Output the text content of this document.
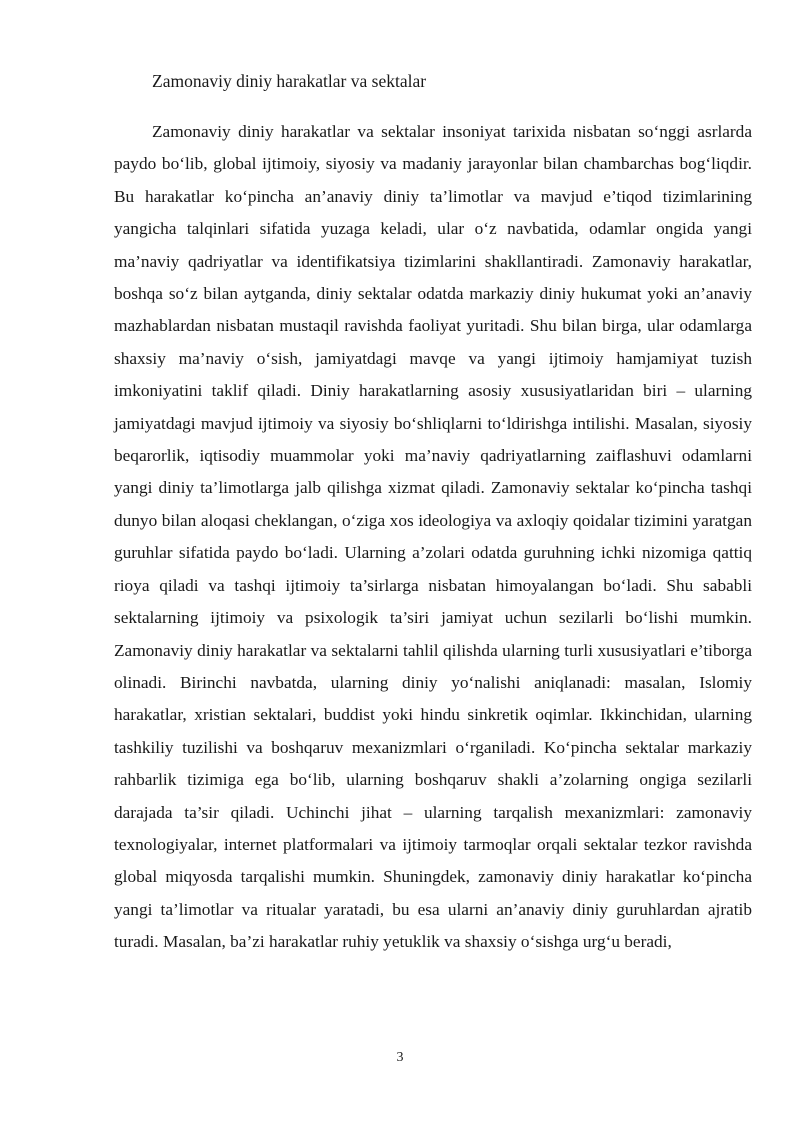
Zamonaviy diniy harakatlar va sektalar

Zamonaviy diniy harakatlar va sektalar insoniyat tarixida nisbatan so‘nggi asrlarda paydo bo‘lib, global ijtimoiy, siyosiy va madaniy jarayonlar bilan chambarchas bog‘liqdir. Bu harakatlar ko‘pincha an’anaviy diniy ta’limotlar va mavjud e’tiqod tizimlarining yangicha talqinlari sifatida yuzaga keladi, ular o‘z navbatida, odamlar ongida yangi ma’naviy qadriyatlar va identifikatsiya tizimlarini shakllantiradi. Zamonaviy harakatlar, boshqa so‘z bilan aytganda, diniy sektalar odatda markaziy diniy hukumat yoki an’anaviy mazhablardan nisbatan mustaqil ravishda faoliyat yuritadi. Shu bilan birga, ular odamlarga shaxsiy ma’naviy o‘sish, jamiyatdagi mavqe va yangi ijtimoiy hamjamiyat tuzish imkoniyatini taklif qiladi. Diniy harakatlarning asosiy xususiyatlaridan biri – ularning jamiyatdagi mavjud ijtimoiy va siyosiy bo‘shliqlarni to‘ldirishga intilishi. Masalan, siyosiy beqarorlik, iqtisodiy muammolar yoki ma’naviy qadriyatlarning zaiflashuvi odamlarni yangi diniy ta’limotlarga jalb qilishga xizmat qiladi. Zamonaviy sektalar ko‘pincha tashqi dunyo bilan aloqasi cheklangan, o‘ziga xos ideologiya va axloqiy qoidalar tizimini yaratgan guruhlar sifatida paydo bo‘ladi. Ularning a’zolari odatda guruhning ichki nizomiga qattiq rioya qiladi va tashqi ijtimoiy ta’sirlarga nisbatan himoyalangan bo‘ladi. Shu sababli sektalarning ijtimoiy va psixologik ta’siri jamiyat uchun sezilarli bo‘lishi mumkin. Zamonaviy diniy harakatlar va sektalarni tahlil qilishda ularning turli xususiyatlari e’tiborga olinadi. Birinchi navbatda, ularning diniy yo‘nalishi aniqlanadi: masalan, Islomiy harakatlar, xristian sektalari, buddist yoki hindu sinkretik oqimlar. Ikkinchidan, ularning tashkiliy tuzilishi va boshqaruv mexanizmlari o‘rganiladi. Ko‘pincha sektalar markaziy rahbarlik tizimiga ega bo‘lib, ularning boshqaruv shakli a’zolarning ongiga sezilarli darajada ta’sir qiladi. Uchinchi jihat – ularning tarqalish mexanizmlari: zamonaviy texnologiyalar, internet platformalari va ijtimoiy tarmoqlar orqali sektalar tezkor ravishda global miqyosda tarqalishi mumkin. Shuningdek, zamonaviy diniy harakatlar ko‘pincha yangi ta’limotlar va ritualar yaratadi, bu esa ularni an’anaviy diniy guruhlardan ajratib turadi. Masalan, ba’zi harakatlar ruhiy yetuklik va shaxsiy o‘sishga urg‘u beradi,

3
